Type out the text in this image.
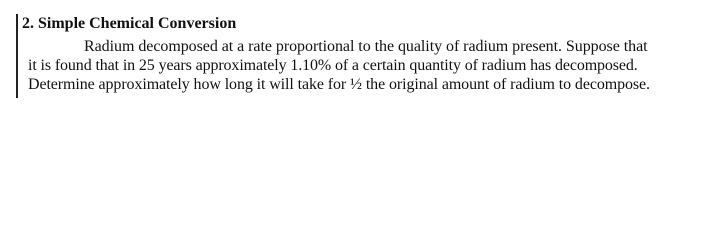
2. Simple Chemical Conversion
Radium decomposed at a rate proportional to the quality of radium present. Suppose that
it is found that in 25 years approximately 1.10% of a certain quantity of radium has decomposed.
Determine approximately how long it will take for ½ the original amount of radium to decompose.
